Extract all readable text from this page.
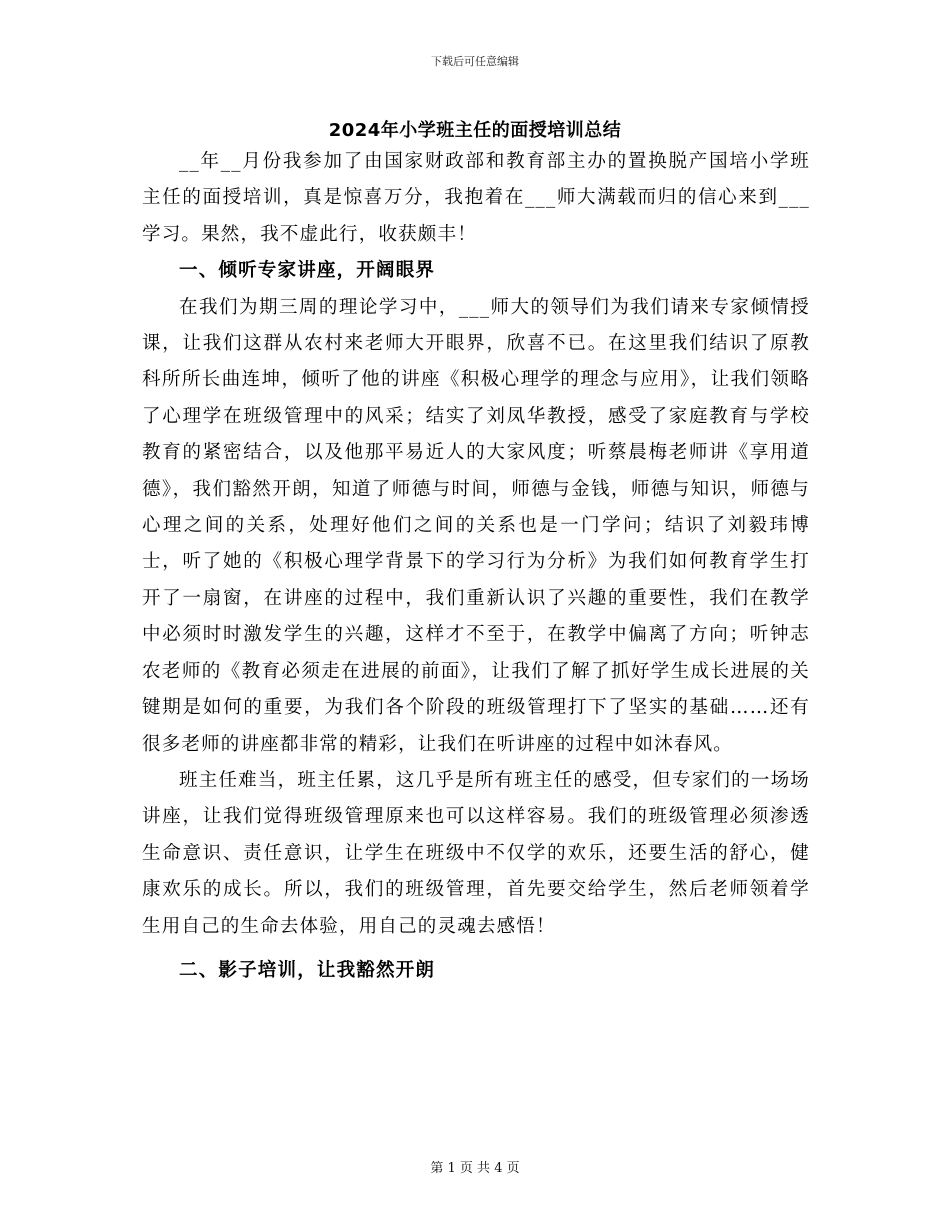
下载后可任意编辑
2024年小学班主任的面授培训总结

__年__月份我参加了由国家财政部和教育部主办的置换脱产国培小学班主任的面授培训，真是惊喜万分，我抱着在___师大满载而归的信心来到___学习。果然，我不虚此行，收获颇丰！

一、倾听专家讲座，开阔眼界

在我们为期三周的理论学习中，___师大的领导们为我们请来专家倾情授课，让我们这群从农村来老师大开眼界，欣喜不已。在这里我们结识了原教科所所长曲连坤，倾听了他的讲座《积极心理学的理念与应用》，让我们领略了心理学在班级管理中的风采；结实了刘凤华教授，感受了家庭教育与学校教育的紧密结合，以及他那平易近人的大家风度；听蔡晨梅老师讲《享用道德》，我们豁然开朗，知道了师德与时间，师德与金钱，师德与知识，师德与心理之间的关系，处理好他们之间的关系也是一门学问；结识了刘毅玮博士，听了她的《积极心理学背景下的学习行为分析》为我们如何教育学生打开了一扇窗，在讲座的过程中，我们重新认识了兴趣的重要性，我们在教学中必须时时激发学生的兴趣，这样才不至于，在教学中偏离了方向；听钟志农老师的《教育必须走在进展的前面》，让我们了解了抓好学生成长进展的关键期是如何的重要，为我们各个阶段的班级管理打下了坚实的基础……还有很多老师的讲座都非常的精彩，让我们在听讲座的过程中如沐春风。

班主任难当，班主任累，这几乎是所有班主任的感受，但专家们的一场场讲座，让我们觉得班级管理原来也可以这样容易。我们的班级管理必须渗透生命意识、责任意识，让学生在班级中不仅学的欢乐，还要生活的舒心，健康欢乐的成长。所以，我们的班级管理，首先要交给学生，然后老师领着学生用自己的生命去体验，用自己的灵魂去感悟！

二、影子培训，让我豁然开朗
第 1 页 共 4 页
